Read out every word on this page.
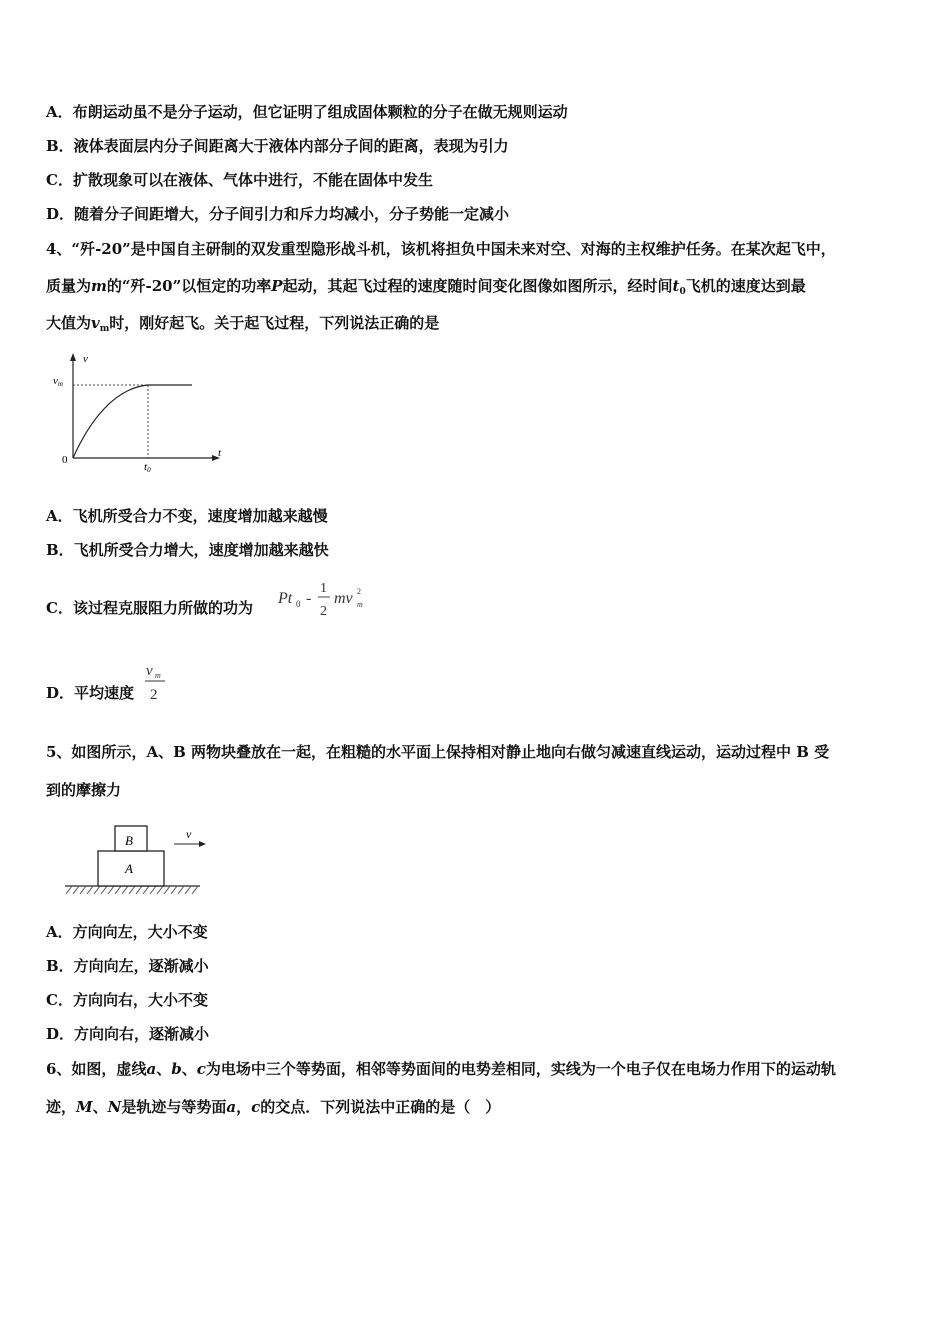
A．布朗运动虽不是分子运动，但它证明了组成固体颗粒的分子在做无规则运动
B．液体表面层内分子间距离大于液体内部分子间的距离，表现为引力
C．扩散现象可以在液体、气体中进行，不能在固体中发生
D．随着分子间距增大，分子间引力和斥力均减小，分子势能一定减小
4、“歼-20”是中国自主研制的双发重型隐形战斗机，该机将担负中国未来对空、对海的主权维护任务。在某次起飞中，
质量为m的“歼-20”以恒定的功率P起动，其起飞过程的速度随时间变化图像如图所示，经时间$t_0$飞机的速度达到最
大值为$v_m$时，刚好起飞。关于起飞过程，下列说法正确的是
v
t
0
vm
t0
A．飞机所受合力不变，速度增加越来越慢
B．飞机所受合力增大，速度增加越来越快
C．该过程克服阻力所做的功为
Pt 0 -
1
2
mv 2
m
D．平均速度
v m
2
5、如图所示，A、B 两物块叠放在一起，在粗糙的水平面上保持相对静止地向右做匀减速直线运动，运动过程中 B 受
到的摩擦力
B
A
v
A．方向向左，大小不变
B．方向向左，逐渐减小
C．方向向右，大小不变
D．方向向右，逐渐减小
6、如图，虚线a、b、c为电场中三个等势面，相邻等势面间的电势差相同，实线为一个电子仅在电场力作用下的运动轨
迹，M、N是轨迹与等势面a，c的交点．下列说法中正确的是（　）
